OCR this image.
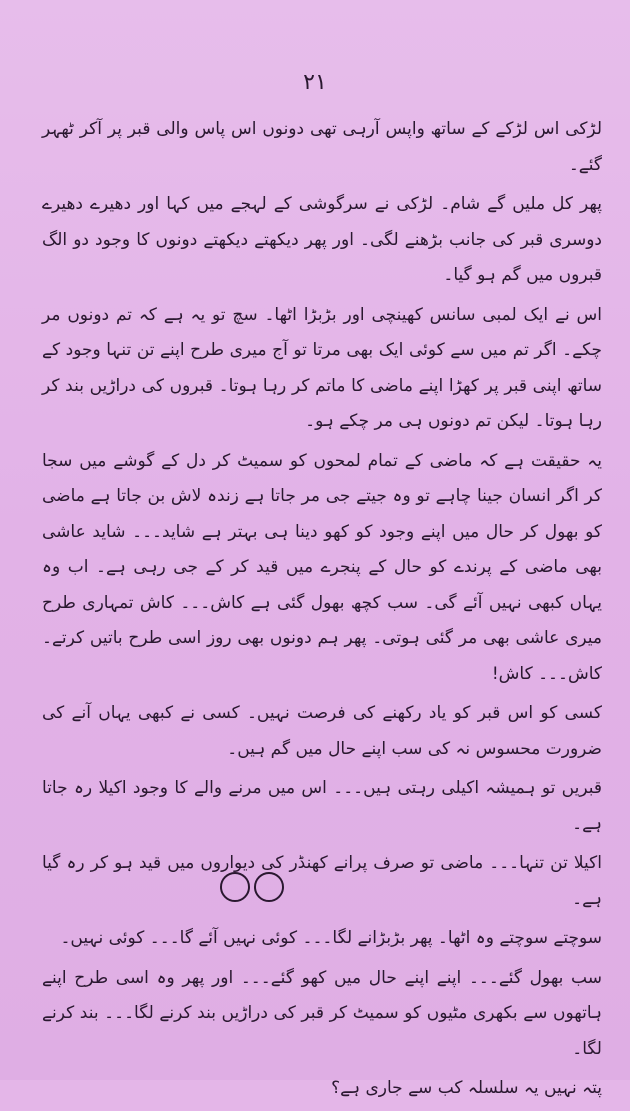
۲۱

لڑکی اس لڑکے کے ساتھ واپس آرہی تھی دونوں اس پاس والی قبر پر آکر ٹھہر گئے۔

پھر کل ملیں گے شام۔ لڑکی نے سرگوشی کے لہجے میں کہا اور دھیرے دھیرے دوسری قبر کی جانب بڑھنے لگی۔ اور پھر دیکھتے دیکھتے دونوں کا وجود دو الگ قبروں میں گم ہو گیا۔

اس نے ایک لمبی سانس کھینچی اور بڑبڑا اٹھا۔ سچ تو یہ ہے کہ تم دونوں مر چکے۔ اگر تم میں سے کوئی ایک بھی مرتا تو آج میری طرح اپنے تن تنہا وجود کے ساتھ اپنی قبر پر کھڑا اپنے ماضی کا ماتم کر رہا ہوتا۔ قبروں کی دراڑیں بند کر رہا ہوتا۔ لیکن تم دونوں ہی مر چکے ہو۔

یہ حقیقت ہے کہ ماضی کے تمام لمحوں کو سمیٹ کر دل کے گوشے میں سجا کر اگر انسان جینا چاہے تو وہ جیتے جی مر جاتا ہے زندہ لاش بن جاتا ہے ماضی کو بھول کر حال میں اپنے وجود کو کھو دینا ہی بہتر ہے شاید۔۔۔ شاید عاشی بھی ماضی کے پرندے کو حال کے پنجرے میں قید کر کے جی رہی ہے۔ اب وہ یہاں کبھی نہیں آئے گی۔ سب کچھ بھول گئی ہے کاش۔۔۔ کاش تمہاری طرح میری عاشی بھی مر گئی ہوتی۔ پھر ہم دونوں بھی روز اسی طرح باتیں کرتے۔ کاش۔۔۔ کاش!

کسی کو اس قبر کو یاد رکھنے کی فرصت نہیں۔ کسی نے کبھی یہاں آنے کی ضرورت محسوس نہ کی سب اپنے حال میں گم ہیں۔

قبریں تو ہمیشہ اکیلی رہتی ہیں۔۔۔ اس میں مرنے والے کا وجود اکیلا رہ جاتا ہے۔

اکیلا تن تنہا۔۔۔ ماضی تو صرف پرانے کھنڈر کی دیواروں میں قید ہو کر رہ گیا ہے۔

سوچتے سوچتے وہ اٹھا۔ پھر بڑبڑانے لگا۔۔۔ کوئی نہیں آئے گا۔۔۔ کوئی نہیں۔

سب بھول گئے۔۔۔ اپنے اپنے حال میں کھو گئے۔۔۔ اور پھر وہ اسی طرح اپنے ہاتھوں سے بکھری مٹیوں کو سمیٹ کر قبر کی دراڑیں بند کرنے لگا۔۔۔ بند کرنے لگا۔

پتہ نہیں یہ سلسلہ کب سے جاری ہے؟
